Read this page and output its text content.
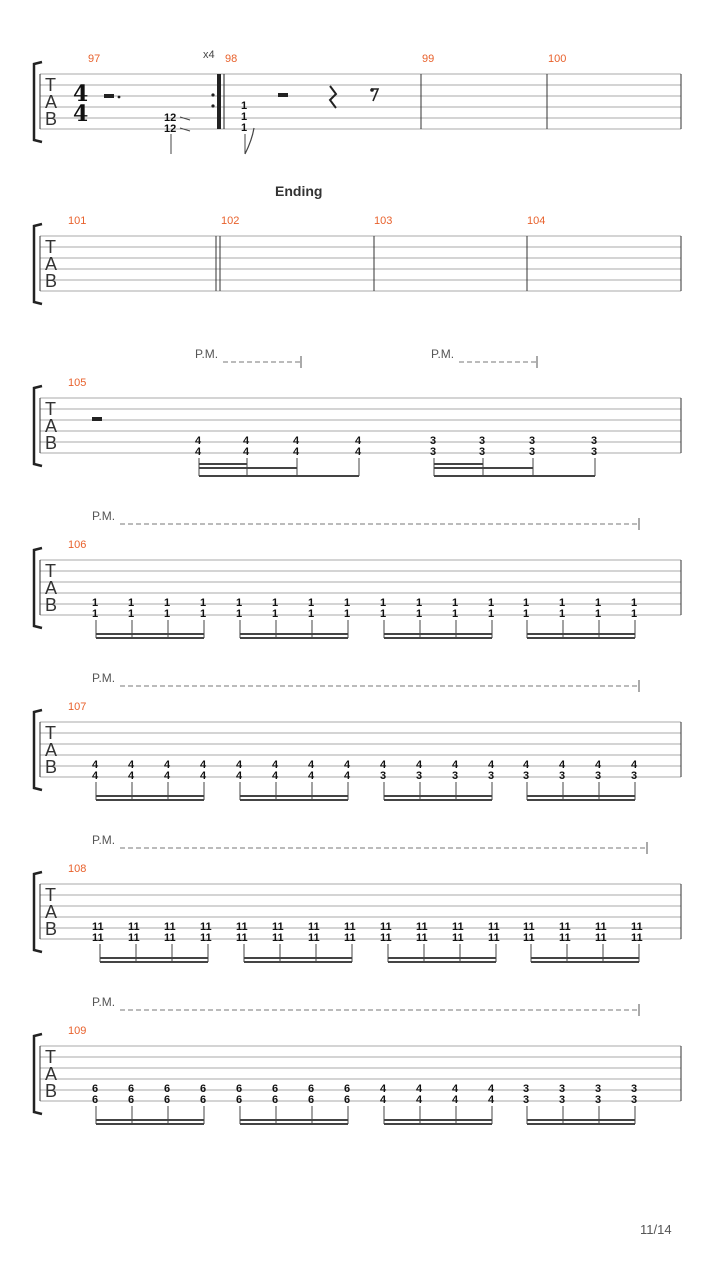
T
A
B
4
4
97
12
12
x4 98
1
1
1
99	100
Ending
T
A
B
101	102	103	104
P.M.	P.M.
T
A
B
105
4
4
4
4
4
4
4
4
3
3
3
3
3
3
3
3
P.M.
T
A
B
106
1
1
1
1
1
1
1
1
1
1
1
1
1
1
1
1
1
1
1
1
1
1
1
1
1
1
1
1
1
1
1
1
P.M.
T
A
B
107
4
4
4
4
4
4
4
4
4
4
4
4
4
4
4
4
4
3
4
3
4
3
4
3
4
3
4
3
4
3
4
3
P.M.
T
A
B
108
11
11
11
11
11
11
11
11
11
11
11
11
11
11
11
11
11
11
11
11
11
11
11
11
11
11
11
11
11
11
11
11
P.M.
T
A
B
109
6
6
6
6
6
6
6
6
6
6
6
6
6
6
6
6
4
4
4
4
4
4
4
4
3
3
3
3
3
3
3
3
11/14
